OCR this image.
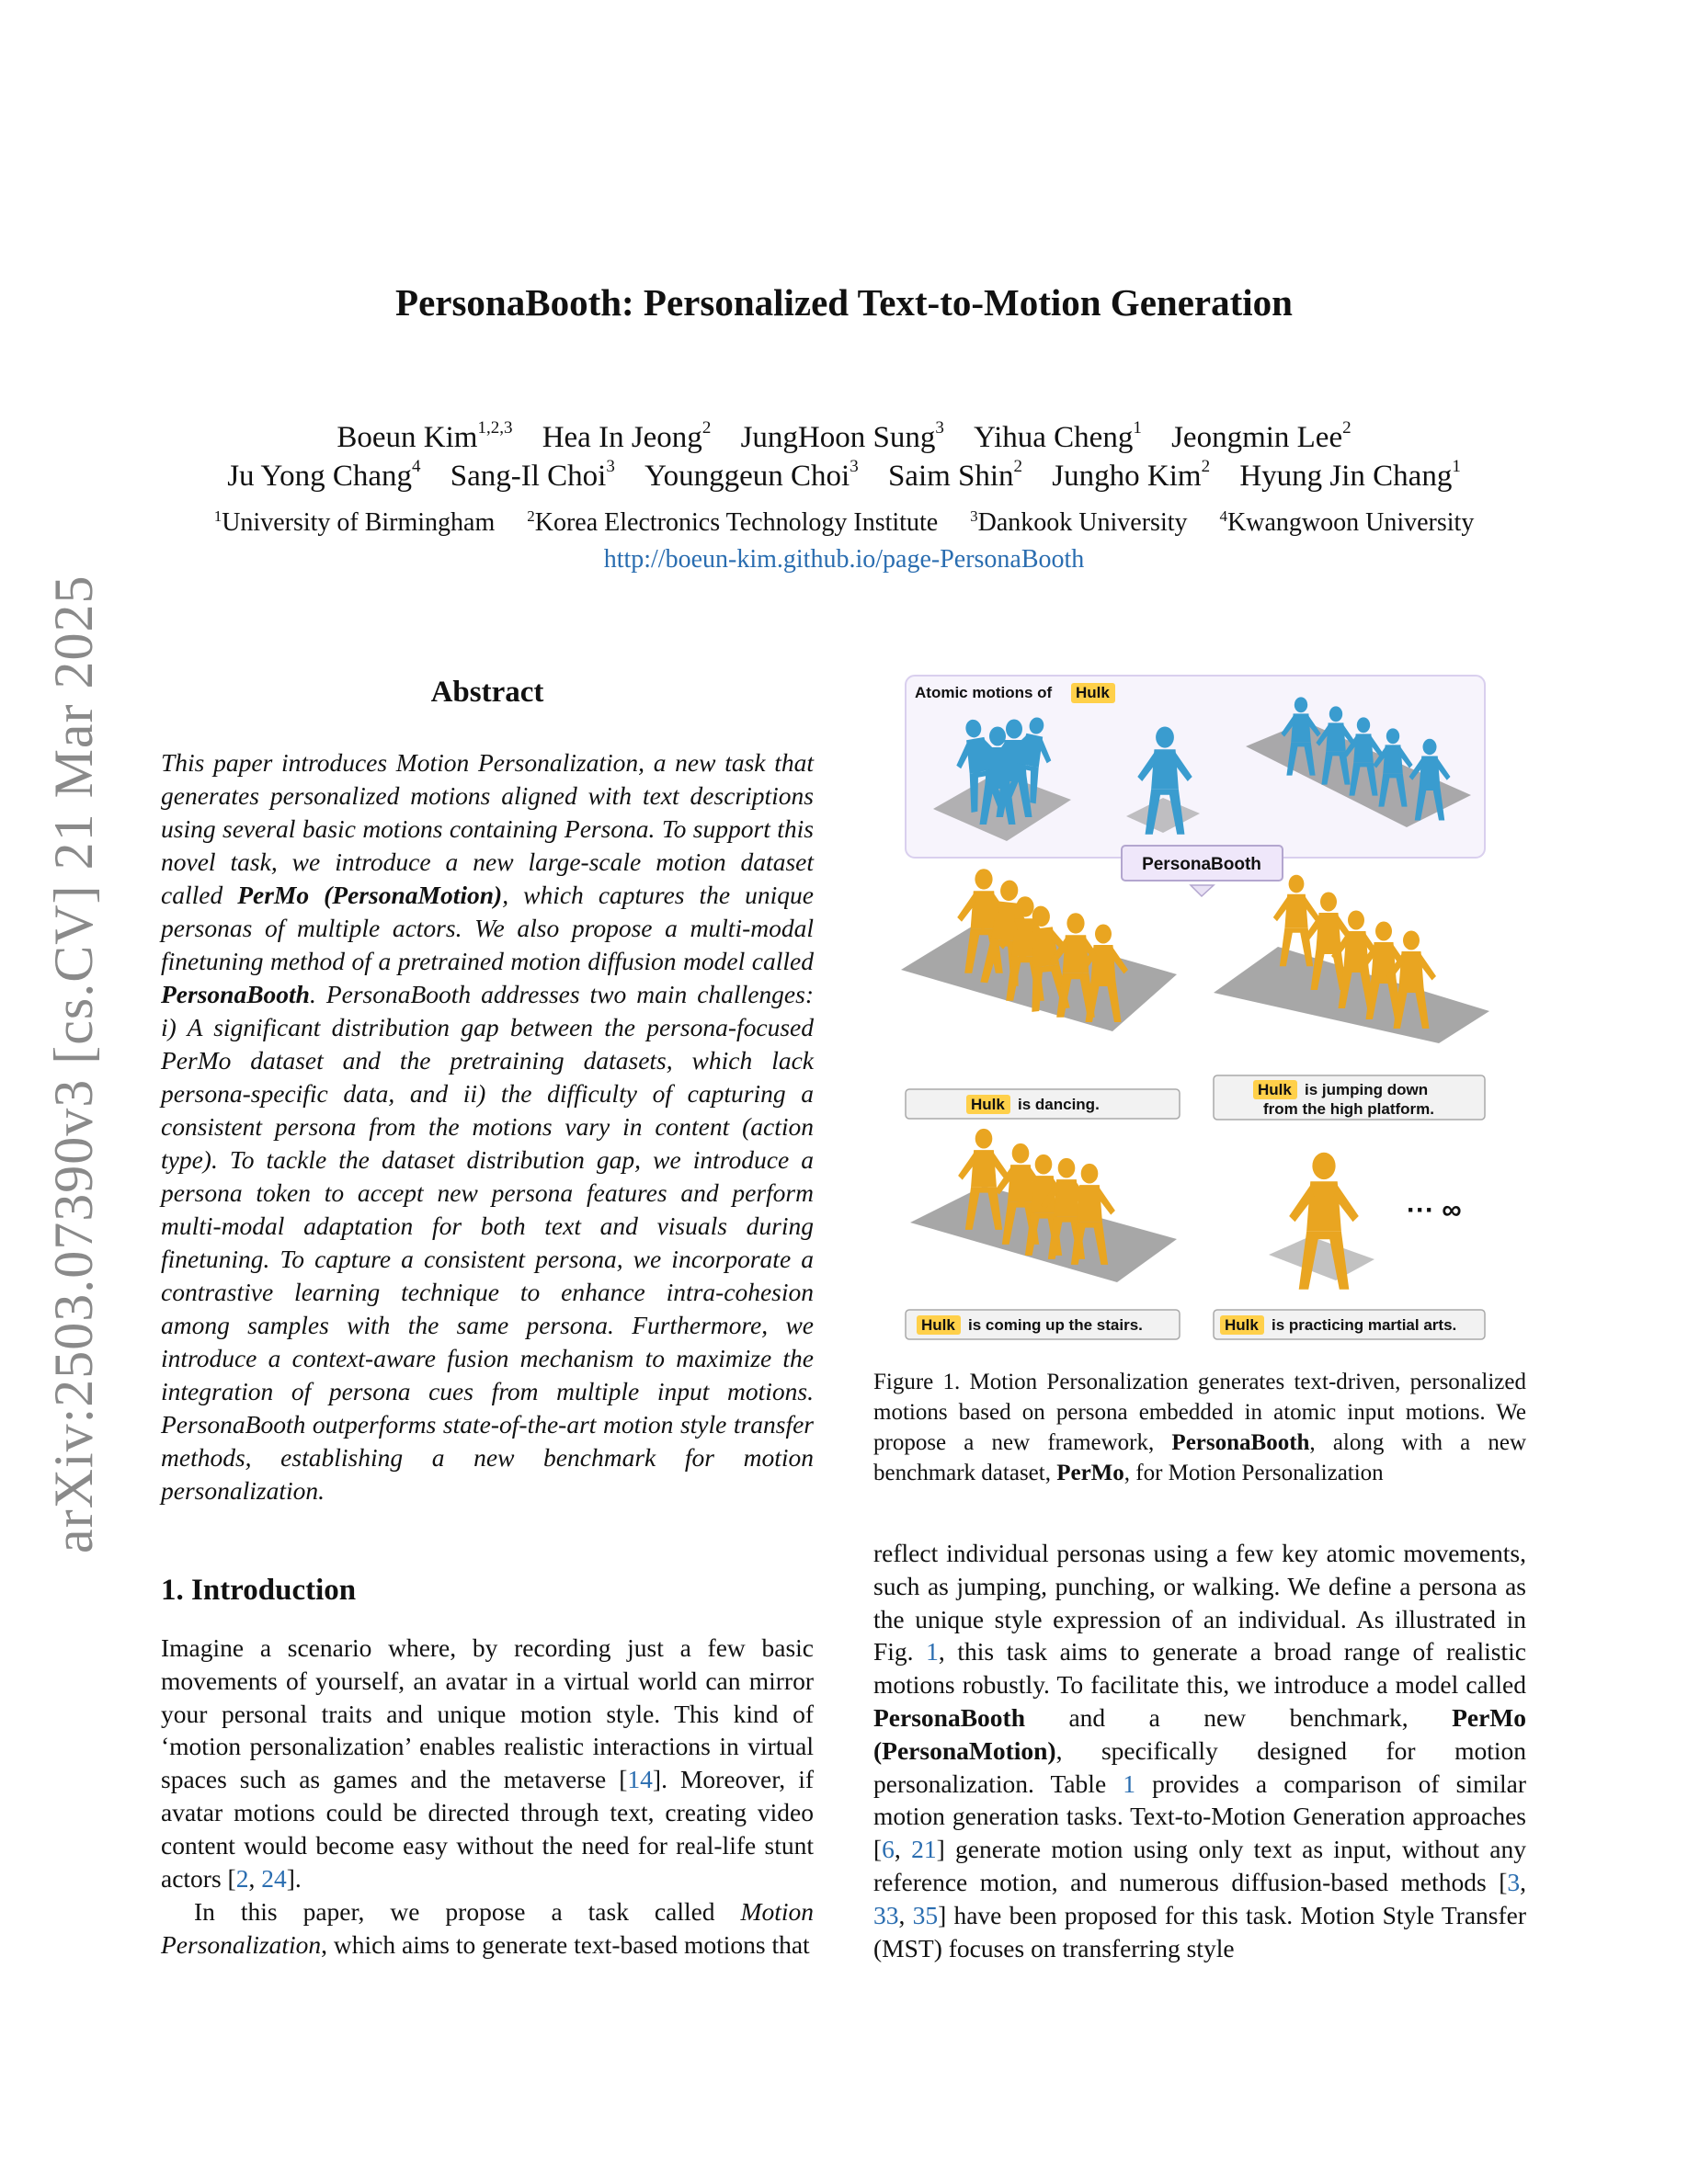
arXiv:2503.07390v3 [cs.CV] 21 Mar 2025
PersonaBooth: Personalized Text-to-Motion Generation
Boeun Kim$^{1,2,3}$ Hea In Jeong$^2$ JungHoon Sung$^3$ Yihua Cheng$^1$ Jeongmin Lee$^2$
Ju Yong Chang$^4$ Sang-Il Choi$^3$ Younggeun Choi$^3$ Saim Shin$^2$ Jungho Kim$^2$ Hyung Jin Chang$^1$
$^1$University of Birmingham $^2$Korea Electronics Technology Institute $^3$Dankook University $^4$Kwangwoon University
http://boeun-kim.github.io/page-PersonaBooth
Abstract
This paper introduces Motion Personalization, a new task that generates personalized motions aligned with text descriptions using several basic motions containing Persona. To support this novel task, we introduce a new large-scale motion dataset called PerMo (PersonaMotion), which captures the unique personas of multiple actors. We also propose a multi-modal finetuning method of a pretrained motion diffusion model called PersonaBooth. PersonaBooth addresses two main challenges: i) A significant distribution gap between the persona-focused PerMo dataset and the pretraining datasets, which lack persona-specific data, and ii) the difficulty of capturing a consistent persona from the motions vary in content (action type). To tackle the dataset distribution gap, we introduce a persona token to accept new persona features and perform multi-modal adaptation for both text and visuals during finetuning. To capture a consistent persona, we incorporate a contrastive learning technique to enhance intra-cohesion among samples with the same persona. Furthermore, we introduce a context-aware fusion mechanism to maximize the integration of persona cues from multiple input motions. PersonaBooth outperforms state-of-the-art motion style transfer methods, establishing a new benchmark for motion personalization.
1. Introduction
Imagine a scenario where, by recording just a few basic movements of yourself, an avatar in a virtual world can mirror your personal traits and unique motion style. This kind of ‘motion personalization’ enables realistic interactions in virtual spaces such as games and the metaverse [14]. Moreover, if avatar motions could be directed through text, creating video content would become easy without the need for real-life stunt actors [2, 24].
In this paper, we propose a task called Motion Personalization, which aims to generate text-based motions that
Atomic motions of Hulk
PersonaBooth
Hulk is dancing.
Hulk is jumping down
from the high platform.
Hulk is coming up the stairs.	Hulk is practicing martial arts.
··· ∞
Figure 1. Motion Personalization generates text-driven, personalized motions based on persona embedded in atomic input motions. We propose a new framework, PersonaBooth, along with a new benchmark dataset, PerMo, for Motion Personalization
reflect individual personas using a few key atomic movements, such as jumping, punching, or walking. We define a persona as the unique style expression of an individual. As illustrated in Fig. 1, this task aims to generate a broad range of realistic motions robustly. To facilitate this, we introduce a model called PersonaBooth and a new benchmark, PerMo (PersonaMotion), specifically designed for motion personalization. Table 1 provides a comparison of similar motion generation tasks. Text-to-Motion Generation approaches [6, 21] generate motion using only text as input, without any reference motion, and numerous diffusion-based methods [3, 33, 35] have been proposed for this task. Motion Style Transfer (MST) focuses on transferring style
